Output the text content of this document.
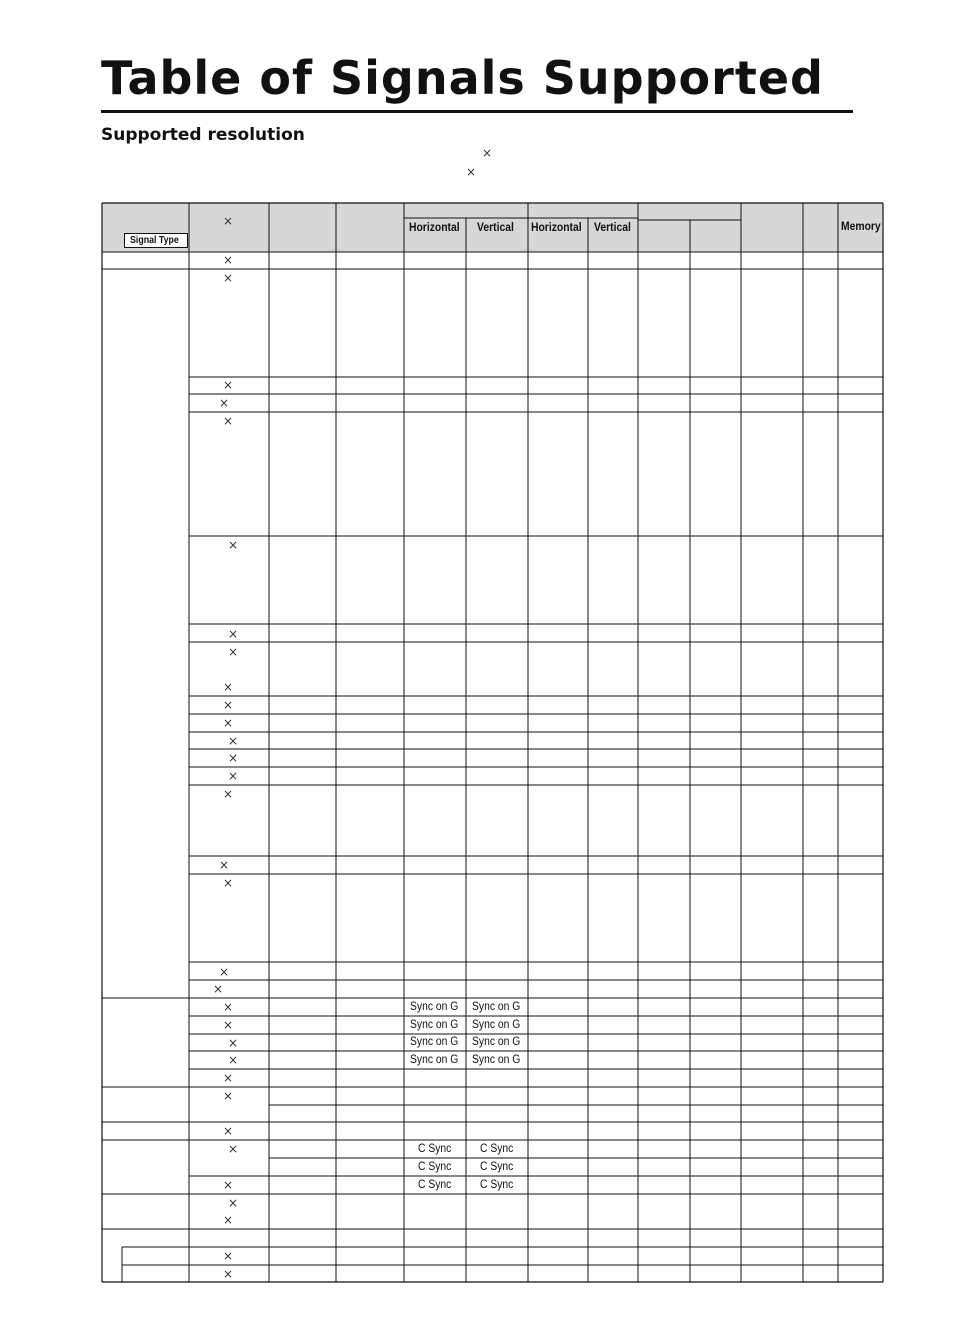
Table of Signals Supported
Supported resolution
×
×
Signal Type
Horizontal Vertical Horizontal Vertical	Memory
×
×
×
×
×
×
×
×
×
×
×
×
×
×
×
×
×
×
×
×
×
×
×
×
×
×
×
×
×
×
×
×
×
Sync on G Sync on G
Sync on G Sync on G
Sync on G Sync on G
Sync on G Sync on G
C Sync C Sync
C Sync C Sync
C Sync C Sync
